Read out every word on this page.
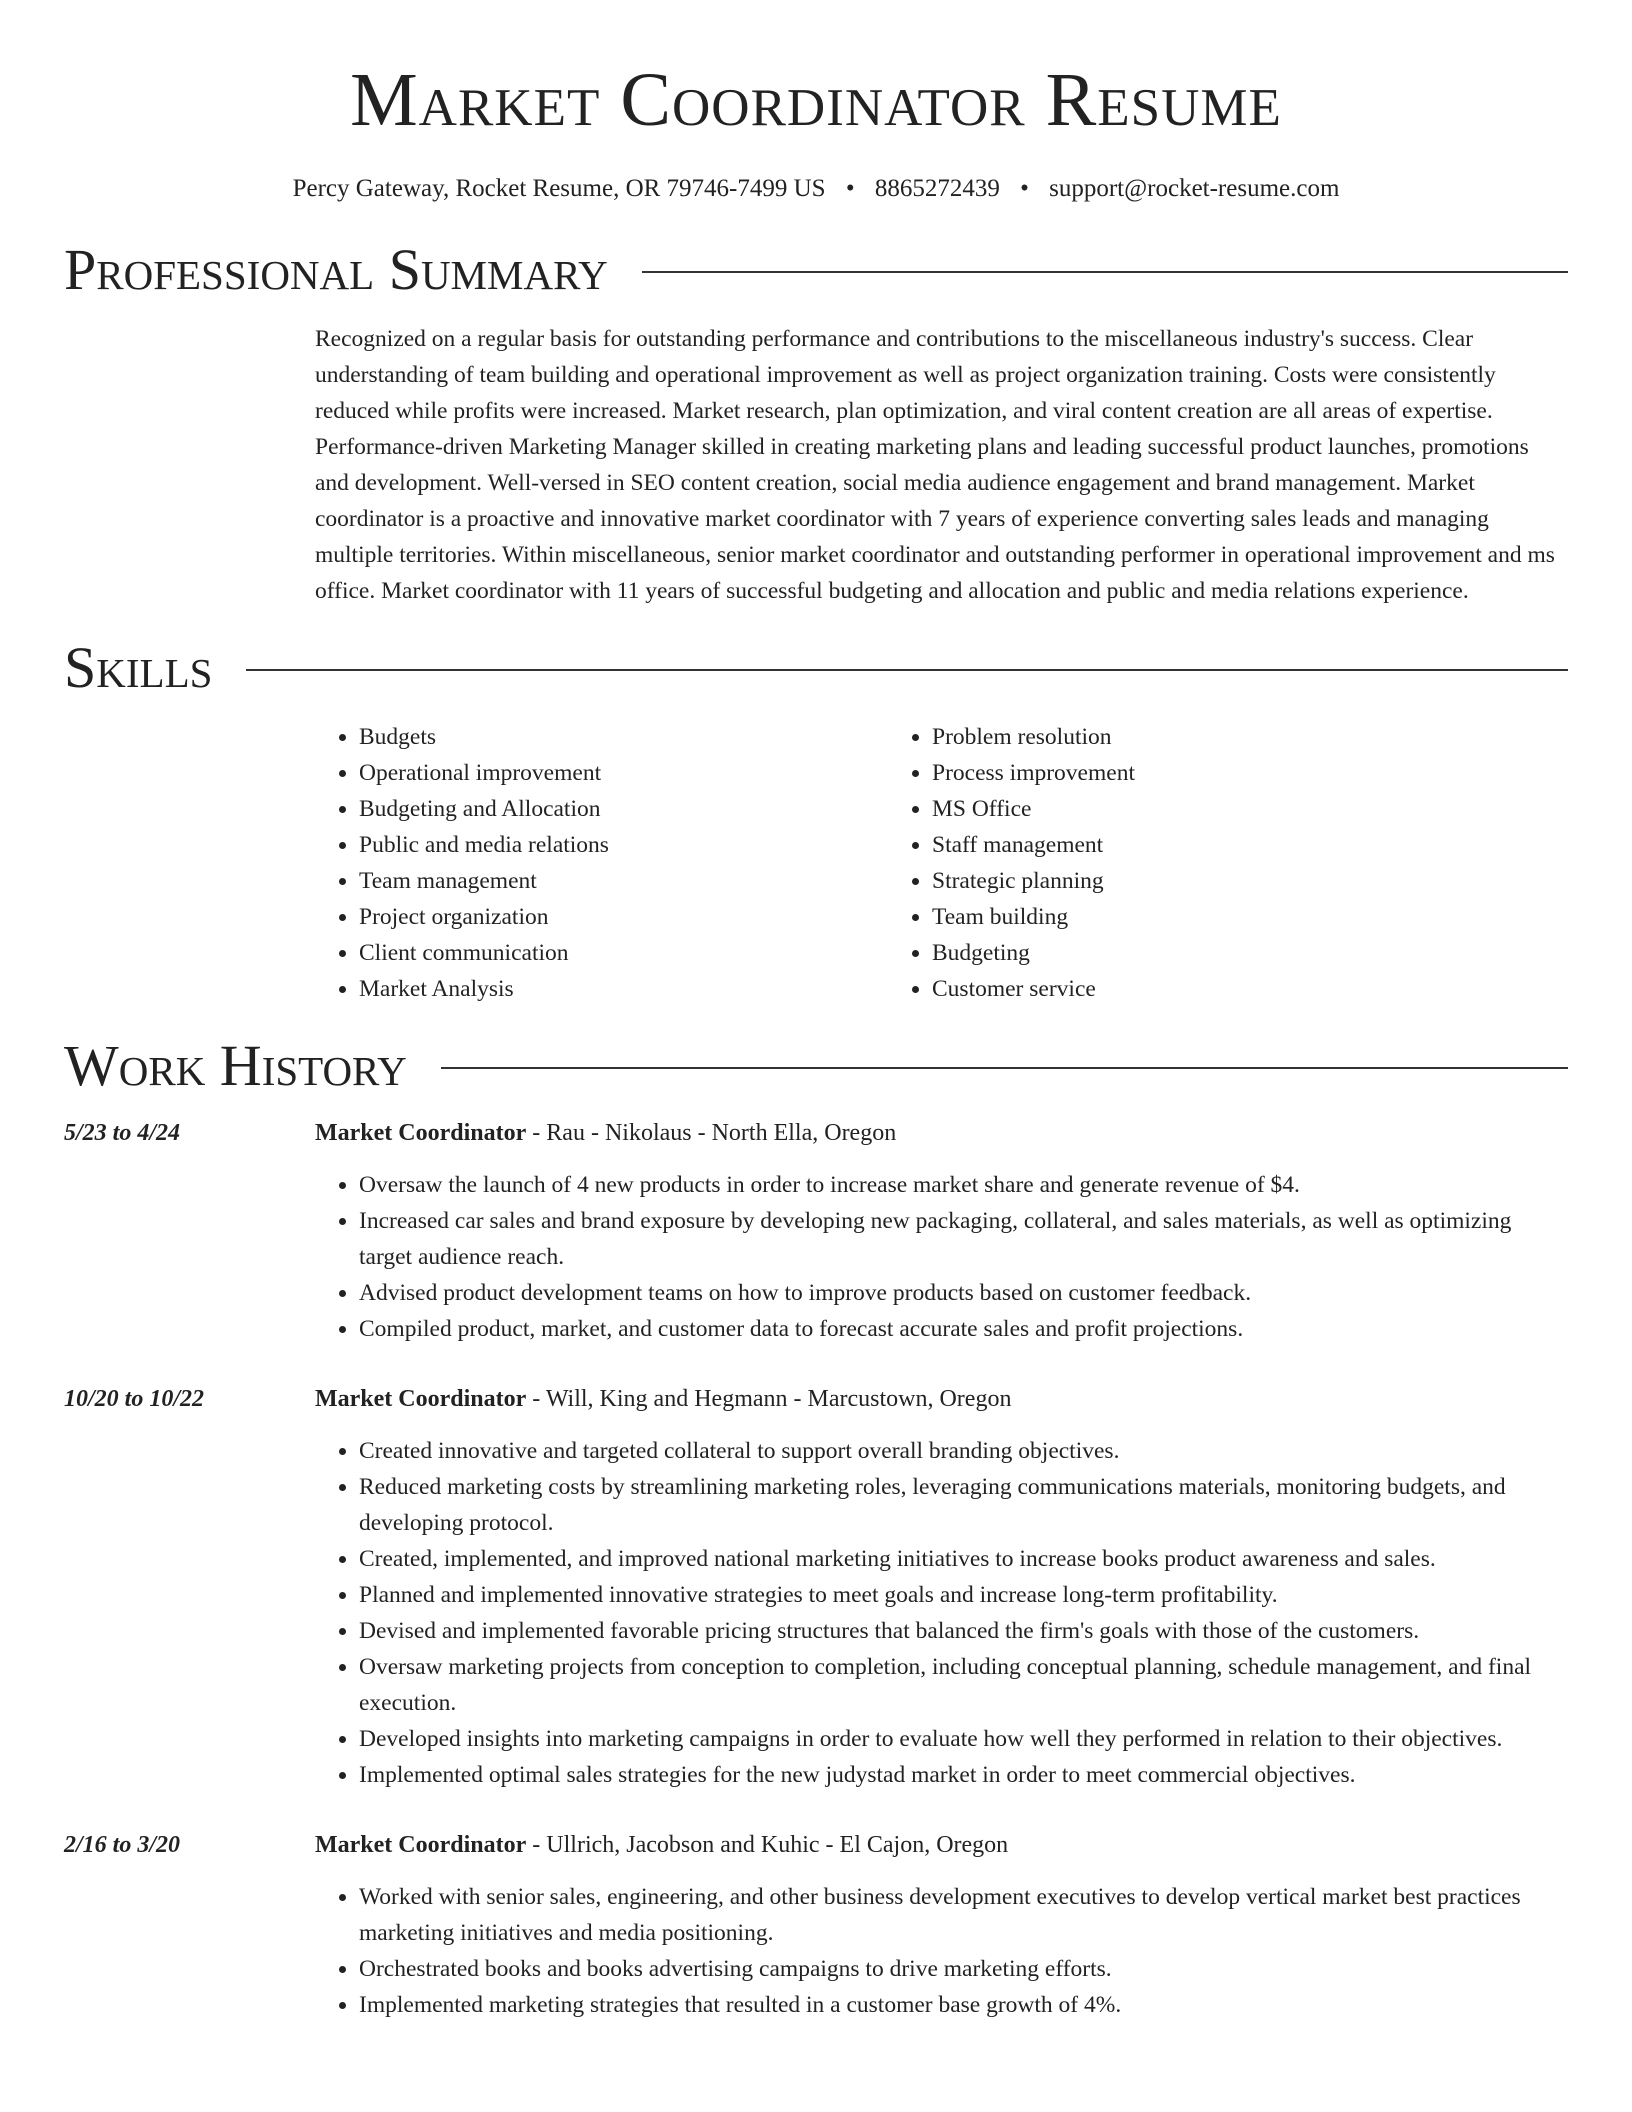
Market Coordinator Resume
Percy Gateway, Rocket Resume, OR 79746-7499 US • 8865272439 • support@rocket-resume.com
Professional Summary
Recognized on a regular basis for outstanding performance and contributions to the miscellaneous industry's success. Clear understanding of team building and operational improvement as well as project organization training. Costs were consistently reduced while profits were increased. Market research, plan optimization, and viral content creation are all areas of expertise. Performance-driven Marketing Manager skilled in creating marketing plans and leading successful product launches, promotions and development. Well-versed in SEO content creation, social media audience engagement and brand management. Market coordinator is a proactive and innovative market coordinator with 7 years of experience converting sales leads and managing multiple territories. Within miscellaneous, senior market coordinator and outstanding performer in operational improvement and ms office. Market coordinator with 11 years of successful budgeting and allocation and public and media relations experience.
Skills
• Budgets
• Operational improvement
• Budgeting and Allocation
• Public and media relations
• Team management
• Project organization
• Client communication
• Market Analysis
• Problem resolution
• Process improvement
• MS Office
• Staff management
• Strategic planning
• Team building
• Budgeting
• Customer service
Work History
5/23 to 4/24	Market Coordinator - Rau - Nikolaus - North Ella, Oregon
• Oversaw the launch of 4 new products in order to increase market share and generate revenue of $4.
• Increased car sales and brand exposure by developing new packaging, collateral, and sales materials, as well as optimizing target audience reach.
• Advised product development teams on how to improve products based on customer feedback.
• Compiled product, market, and customer data to forecast accurate sales and profit projections.
10/20 to 10/22	Market Coordinator - Will, King and Hegmann - Marcustown, Oregon
• Created innovative and targeted collateral to support overall branding objectives.
• Reduced marketing costs by streamlining marketing roles, leveraging communications materials, monitoring budgets, and developing protocol.
• Created, implemented, and improved national marketing initiatives to increase books product awareness and sales.
• Planned and implemented innovative strategies to meet goals and increase long-term profitability.
• Devised and implemented favorable pricing structures that balanced the firm's goals with those of the customers.
• Oversaw marketing projects from conception to completion, including conceptual planning, schedule management, and final execution.
• Developed insights into marketing campaigns in order to evaluate how well they performed in relation to their objectives.
• Implemented optimal sales strategies for the new judystad market in order to meet commercial objectives.
2/16 to 3/20	Market Coordinator - Ullrich, Jacobson and Kuhic - El Cajon, Oregon
• Worked with senior sales, engineering, and other business development executives to develop vertical market best practices marketing initiatives and media positioning.
• Orchestrated books and books advertising campaigns to drive marketing efforts.
• Implemented marketing strategies that resulted in a customer base growth of 4%.
